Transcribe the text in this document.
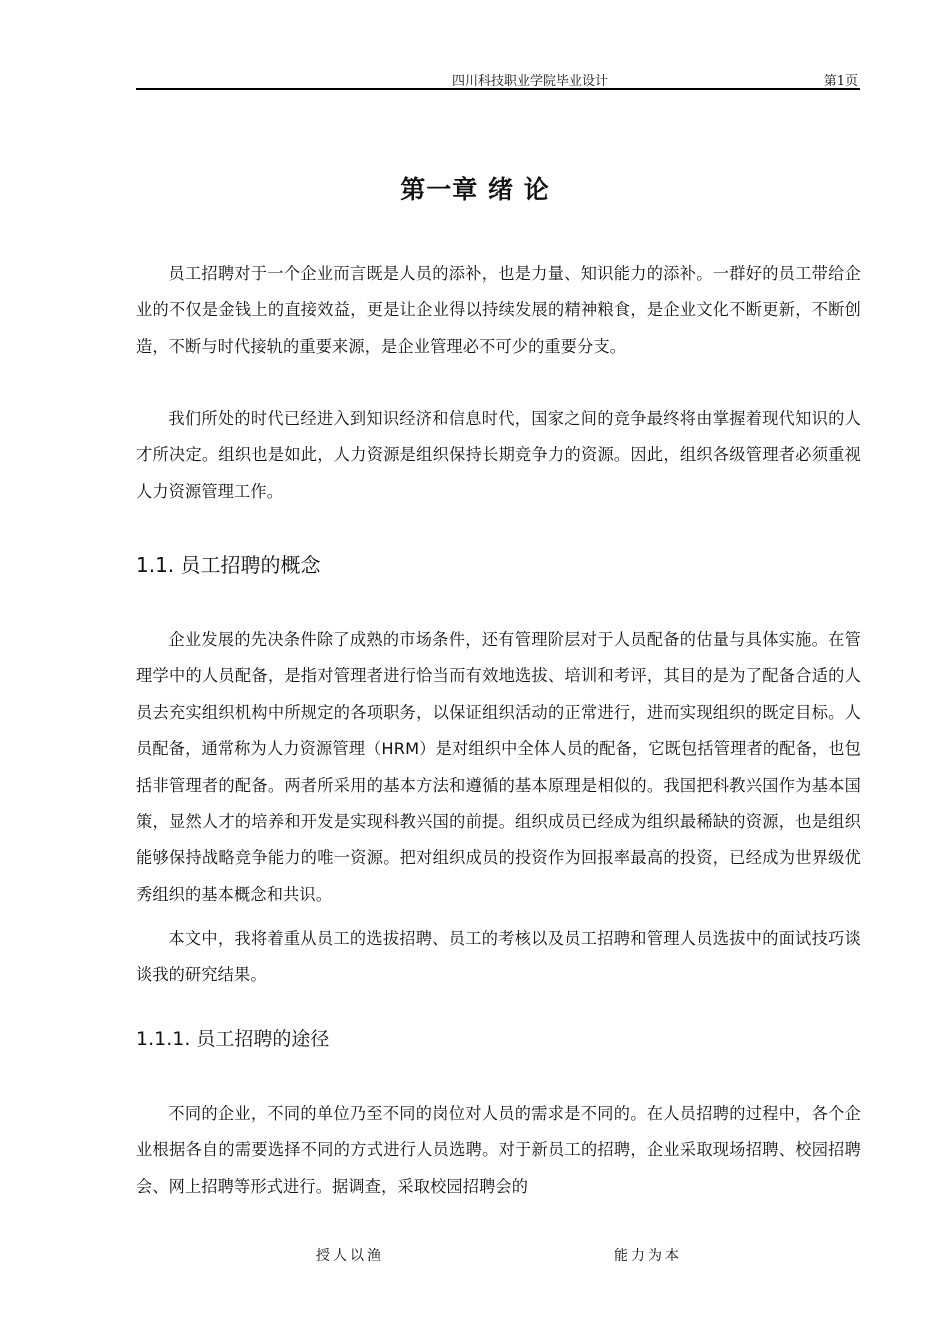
四川科技职业学院毕业设计	第1页
第一章 绪 论

员工招聘对于一个企业而言既是人员的添补，也是力量、知识能力的添补。一群好的员工带给企业的不仅是金钱上的直接效益，更是让企业得以持续发展的精神粮食，是企业文化不断更新，不断创造，不断与时代接轨的重要来源，是企业管理必不可少的重要分支。

我们所处的时代已经进入到知识经济和信息时代，国家之间的竞争最终将由掌握着现代知识的人才所决定。组织也是如此，人力资源是组织保持长期竞争力的资源。因此，组织各级管理者必须重视人力资源管理工作。

1.1. 员工招聘的概念

企业发展的先决条件除了成熟的市场条件，还有管理阶层对于人员配备的估量与具体实施。在管理学中的人员配备，是指对管理者进行恰当而有效地选拔、培训和考评，其目的是为了配备合适的人员去充实组织机构中所规定的各项职务，以保证组织活动的正常进行，进而实现组织的既定目标。人员配备，通常称为人力资源管理（HRM）是对组织中全体人员的配备，它既包括管理者的配备，也包括非管理者的配备。两者所采用的基本方法和遵循的基本原理是相似的。我国把科教兴国作为基本国策，显然人才的培养和开发是实现科教兴国的前提。组织成员已经成为组织最稀缺的资源，也是组织能够保持战略竞争能力的唯一资源。把对组织成员的投资作为回报率最高的投资，已经成为世界级优秀组织的基本概念和共识。

本文中，我将着重从员工的选拔招聘、员工的考核以及员工招聘和管理人员选拔中的面试技巧谈谈我的研究结果。

1.1.1. 员工招聘的途径

不同的企业，不同的单位乃至不同的岗位对人员的需求是不同的。在人员招聘的过程中，各个企业根据各自的需要选择不同的方式进行人员选聘。对于新员工的招聘，企业采取现场招聘、校园招聘会、网上招聘等形式进行。据调查，采取校园招聘会的

授人以渔	能力为本
